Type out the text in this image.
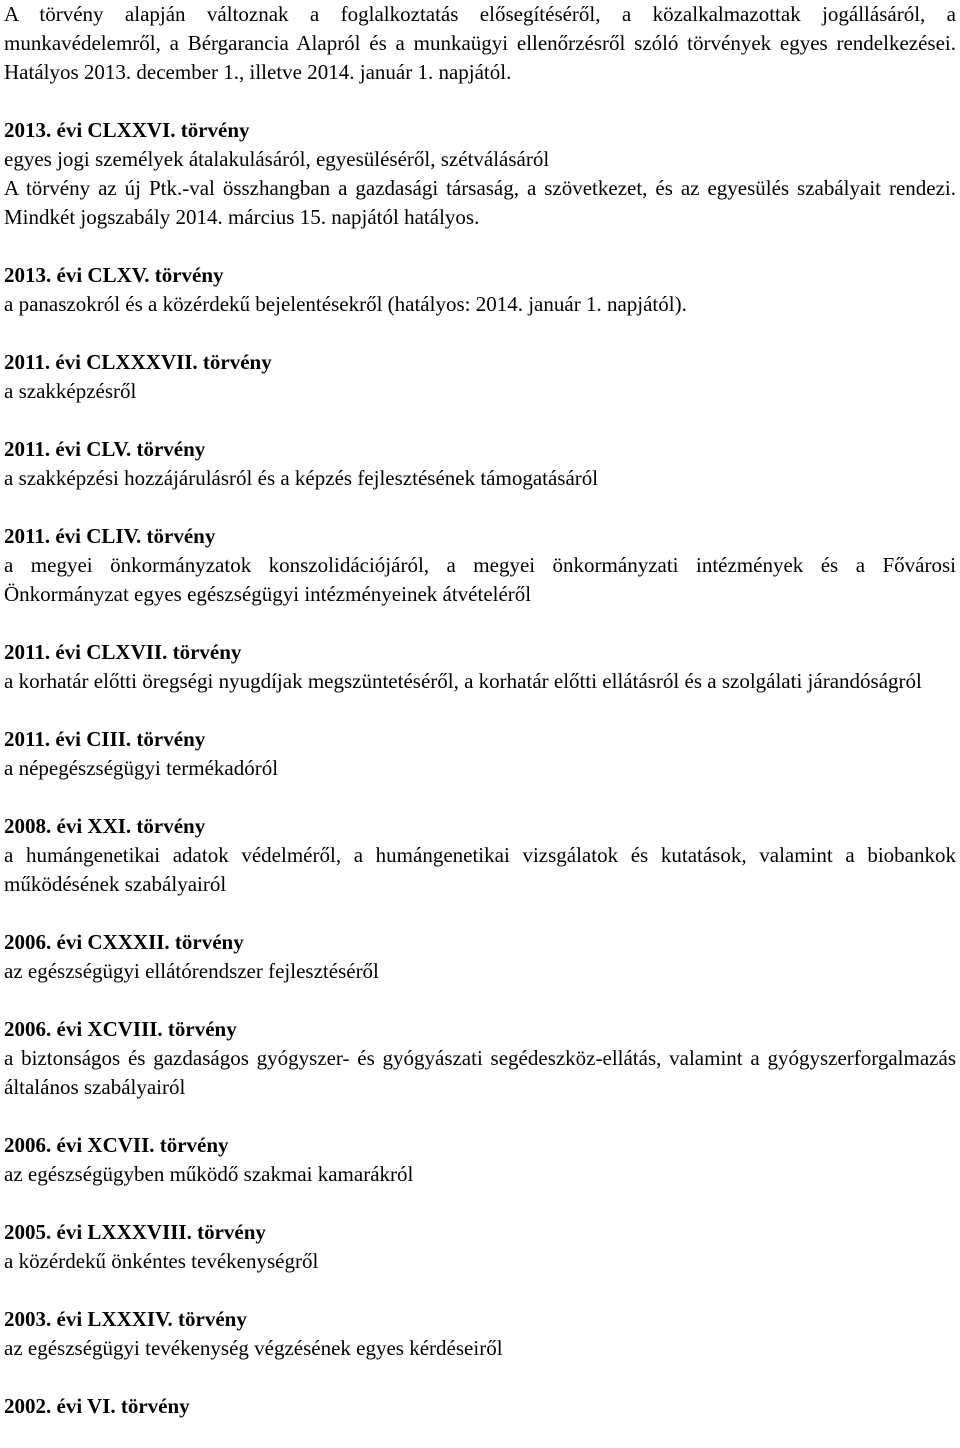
A törvény alapján változnak a foglalkoztatás elősegítéséről, a közalkalmazottak jogállásáról, a munkavédelemről, a Bérgarancia Alapról és a munkaügyi ellenőrzésről szóló törvények egyes rendelkezései. Hatályos 2013. december 1., illetve 2014. január 1. napjától.

2013. évi CLXXVI. törvény

egyes jogi személyek átalakulásáról, egyesüléséről, szétválásáról

A törvény az új Ptk.-val összhangban a gazdasági társaság, a szövetkezet, és az egyesülés szabályait rendezi. Mindkét jogszabály 2014. március 15. napjától hatályos.

2013. évi CLXV. törvény

a panaszokról és a közérdekű bejelentésekről (hatályos: 2014. január 1. napjától).

2011. évi CLXXXVII. törvény

a szakképzésről

2011. évi CLV. törvény

a szakképzési hozzájárulásról és a képzés fejlesztésének támogatásáról

2011. évi CLIV. törvény

a megyei önkormányzatok konszolidációjáról, a megyei önkormányzati intézmények és a Fővárosi Önkormányzat egyes egészségügyi intézményeinek átvételéről

2011. évi CLXVII. törvény

a korhatár előtti öregségi nyugdíjak megszüntetéséről, a korhatár előtti ellátásról és a szolgálati járandóságról

2011. évi CIII. törvény

a népegészségügyi termékadóról

2008. évi XXI. törvény

a humángenetikai adatok védelméről, a humángenetikai vizsgálatok és kutatások, valamint a biobankok működésének szabályairól

2006. évi CXXXII. törvény

az egészségügyi ellátórendszer fejlesztéséről

2006. évi XCVIII. törvény

a biztonságos és gazdaságos gyógyszer- és gyógyászati segédeszköz-ellátás, valamint a gyógyszerforgalmazás általános szabályairól

2006. évi XCVII. törvény

az egészségügyben működő szakmai kamarákról

2005. évi LXXXVIII. törvény

a közérdekű önkéntes tevékenységről

2003. évi LXXXIV. törvény

az egészségügyi tevékenység végzésének egyes kérdéseiről

2002. évi VI. törvény
